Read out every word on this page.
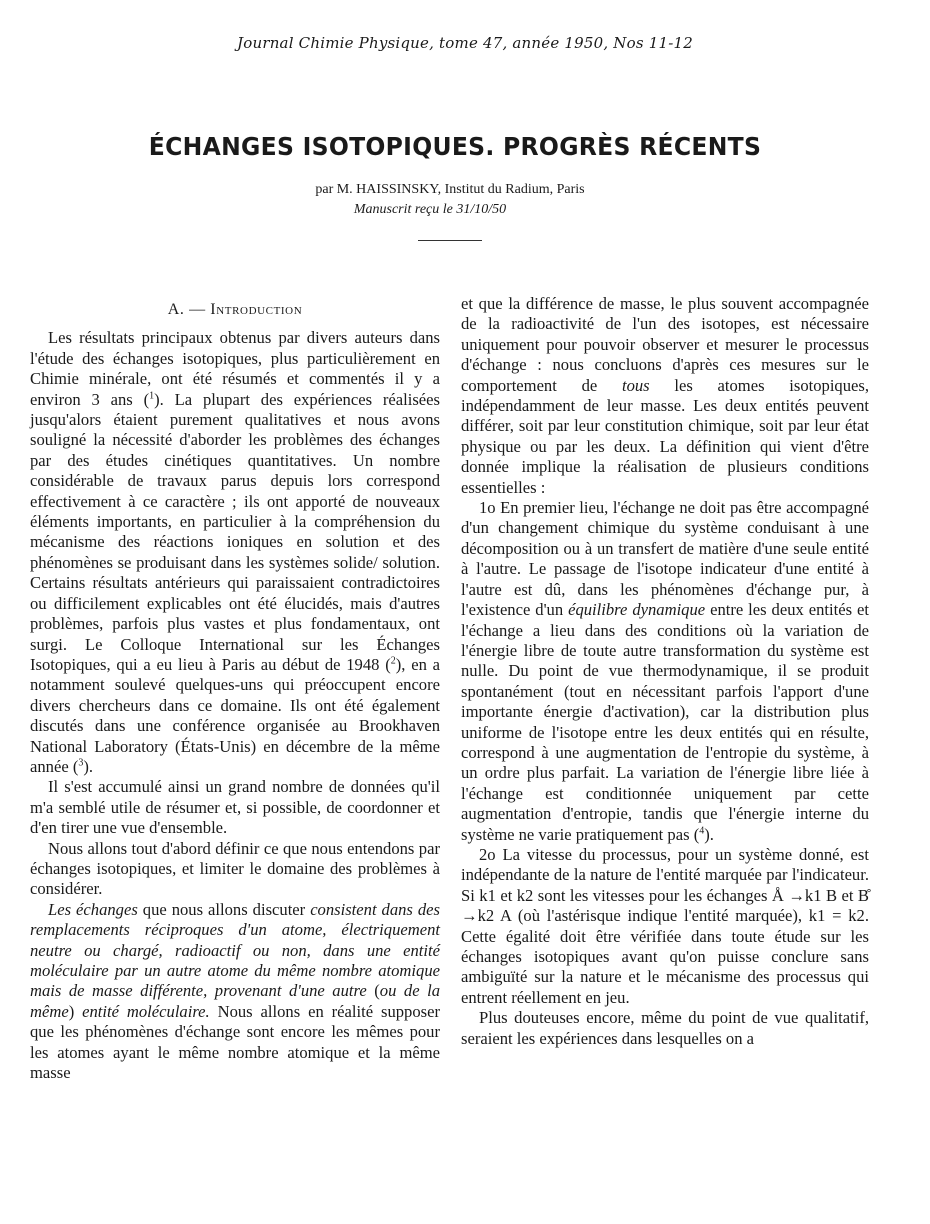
Journal Chimie Physique, tome 47, année 1950, Nos 11-12
ÉCHANGES ISOTOPIQUES. PROGRÈS RÉCENTS
par M. HAISSINSKY, Institut du Radium, Paris
Manuscrit reçu le 31/10/50

A. — Introduction

Les résultats principaux obtenus par divers auteurs dans l'étude des échanges isotopiques, plus particulièrement en Chimie minérale, ont été résumés et commentés il y a environ 3 ans ($^1$). La plupart des expériences réalisées jusqu'alors étaient purement qualitatives et nous avons souligné la nécessité d'aborder les problèmes des échanges par des études cinétiques quantitatives. Un nombre considérable de travaux parus depuis lors correspond effectivement à ce caractère ; ils ont apporté de nouveaux éléments importants, en particulier à la compréhension du mécanisme des réactions ioniques en solution et des phénomènes se produisant dans les systèmes solide/ solution. Certains résultats antérieurs qui paraissaient contradictoires ou difficilement explicables ont été élucidés, mais d'autres problèmes, parfois plus vastes et plus fondamentaux, ont surgi. Le Colloque International sur les Échanges Isotopiques, qui a eu lieu à Paris au début de 1948 ($^2$), en a notamment soulevé quelques-uns qui préoccupent encore divers chercheurs dans ce domaine. Ils ont été également discutés dans une conférence organisée au Brookhaven National Laboratory (États-Unis) en décembre de la même année ($^3$).

Il s'est accumulé ainsi un grand nombre de données qu'il m'a semblé utile de résumer et, si possible, de coordonner et d'en tirer une vue d'ensemble.

Nous allons tout d'abord définir ce que nous entendons par échanges isotopiques, et limiter le domaine des problèmes à considérer.

Les échanges que nous allons discuter consistent dans des remplacements réciproques d'un atome, électriquement neutre ou chargé, radioactif ou non, dans une entité moléculaire par un autre atome du même nombre atomique mais de masse différente, provenant d'une autre (ou de la même) entité moléculaire. Nous allons en réalité supposer que les phénomènes d'échange sont encore les mêmes pour les atomes ayant le même nombre atomique et la même masse

et que la différence de masse, le plus souvent accompagnée de la radioactivité de l'un des isotopes, est nécessaire uniquement pour pouvoir observer et mesurer le processus d'échange : nous concluons d'après ces mesures sur le comportement de tous les atomes isotopiques, indépendamment de leur masse. Les deux entités peuvent différer, soit par leur constitution chimique, soit par leur état physique ou par les deux. La définition qui vient d'être donnée implique la réalisation de plusieurs conditions essentielles :

1o En premier lieu, l'échange ne doit pas être accompagné d'un changement chimique du système conduisant à une décomposition ou à un transfert de matière d'une seule entité à l'autre. Le passage de l'isotope indicateur d'une entité à l'autre est dû, dans les phénomènes d'échange pur, à l'existence d'un équilibre dynamique entre les deux entités et l'échange a lieu dans des conditions où la variation de l'énergie libre de toute autre transformation du système est nulle. Du point de vue thermodynamique, il se produit spontanément (tout en nécessitant parfois l'apport d'une importante énergie d'activation), car la distribution plus uniforme de l'isotope entre les deux entités qui en résulte, correspond à une augmentation de l'entropie du système, à un ordre plus parfait. La variation de l'énergie libre liée à l'échange est conditionnée uniquement par cette augmentation d'entropie, tandis que l'énergie interne du système ne varie pratiquement pas ($^4$).

2o La vitesse du processus, pour un système donné, est indépendante de la nature de l'entité marquée par l'indicateur. Si k1 et k2 sont les vitesses pour les échanges Å →k1 B et B̊ →k2 A (où l'astérisque indique l'entité marquée), k1 = k2. Cette égalité doit être vérifiée dans toute étude sur les échanges isotopiques avant qu'on puisse conclure sans ambiguïté sur la nature et le mécanisme des processus qui entrent réellement en jeu.

Plus douteuses encore, même du point de vue qualitatif, seraient les expériences dans lesquelles on a
